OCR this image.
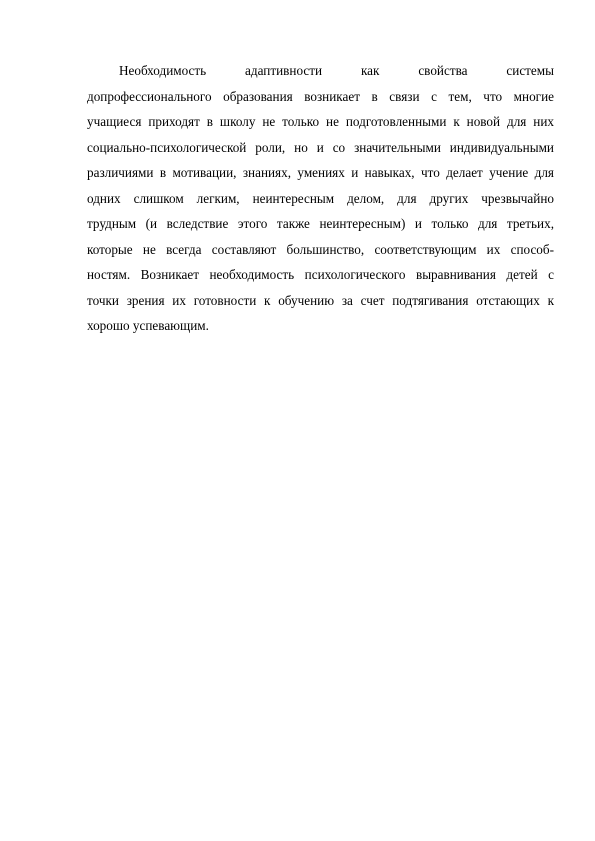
Необходимость адаптивности как свойства системы
допрофессионального образования возникает в связи с тем, что многие
учащиеся приходят в школу не только не подготовленными к новой для них
социально-психологической роли, но и со значительными индивидуальными
различиями в мотивации, знаниях, умениях и навыках, что делает учение для
одних слишком легким, неинтересным делом, для других чрезвычайно
трудным (и вследствие этого также неинтересным) и только для третьих,
которые не всегда составляют большинство, соответствующим их способ-
ностям. Возникает необходимость психологического выравнивания детей с
точки зрения их готовности к обучению за счет подтягивания отстающих к
хорошо успевающим.
